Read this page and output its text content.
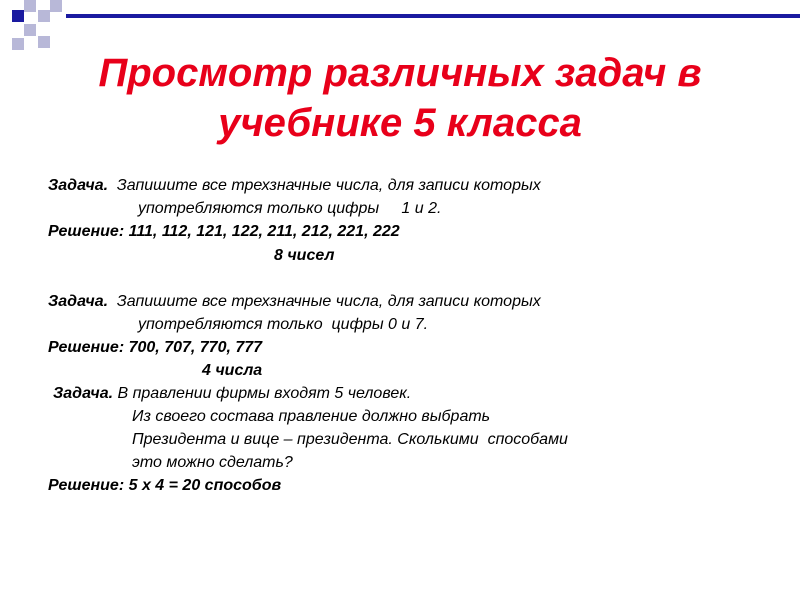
Просмотр различных задач в
учебнике 5 класса
Задача. Запишите все трехзначные числа, для записи которых
употребляются только цифры     1 и 2.
Решение: 111, 112, 121, 122, 211, 212, 221, 222
8 чисел
Задача. Запишите все трехзначные числа, для записи которых
употребляются только  цифры 0 и 7.
Решение: 700, 707, 770, 777
4 числа
Задача. В правлении фирмы входят 5 человек.
Из своего состава правление должно выбрать
Президента и вице – президента. Сколькими  способами
это можно сделать?
Решение: 5 х 4 = 20 способов
